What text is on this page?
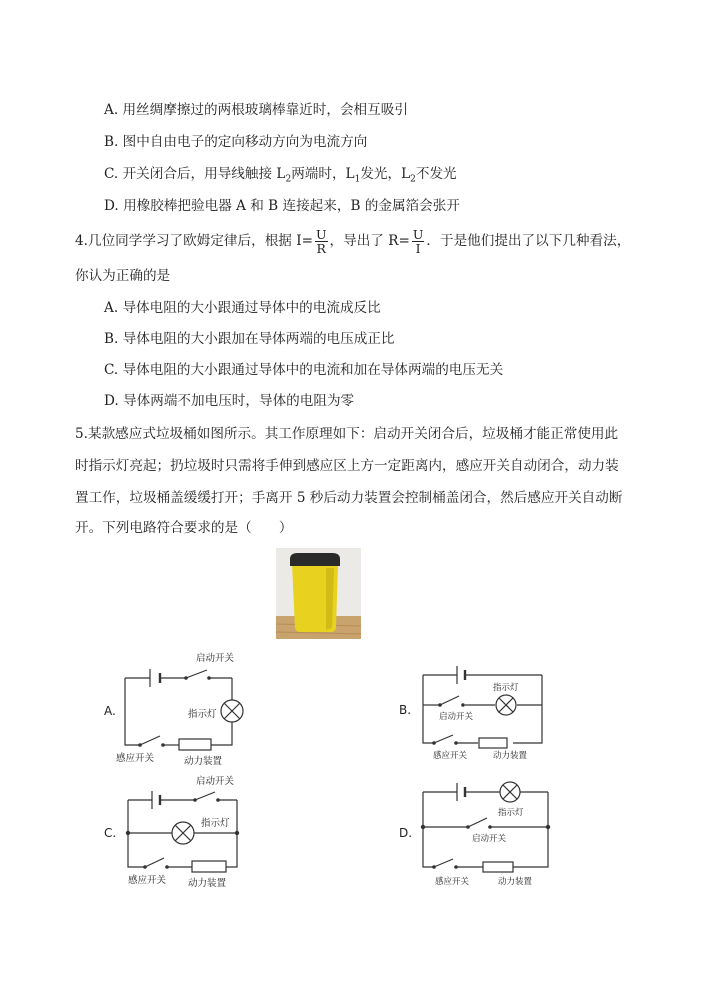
A. 用丝绸摩擦过的两根玻璃棒靠近时，会相互吸引
B. 图中自由电子的定向移动方向为电流方向
C. 开关闭合后，用导线触接 $L_2$两端时，$L_1$发光，$L_2$不发光
D. 用橡胶棒把验电器 A 和 B 连接起来，B 的金属箔会张开
4.几位同学学习了欧姆定律后，根据 $I= \frac{U}{R}$ ，导出了 $R= \frac{U}{I}$ ．于是他们提出了以下几种看法，
你认为正确的是
A. 导体电阻的大小跟通过导体中的电流成反比
B. 导体电阻的大小跟加在导体两端的电压成正比
C. 导体电阻的大小跟通过导体中的电流和加在导体两端的电压无关
D. 导体两端不加电压时，导体的电阻为零
5.某款感应式垃圾桶如图所示。其工作原理如下：启动开关闭合后，垃圾桶才能正常使用此
时指示灯亮起；扔垃圾时只需将手伸到感应区上方一定距离内，感应开关自动闭合，动力装
置工作，垃圾桶盖缓缓打开；手离开 5 秒后动力装置会控制桶盖闭合，然后感应开关自动断
开。下列电路符合要求的是（　　）
A.
启动开关
指示灯
感应开关	动力装置
B.	启动开关
指示灯
感应开关	动力装置
C.
启动开关
指示灯
感应开关 动力装置
D.
指示灯
启动开关
感应开关	动力装置
